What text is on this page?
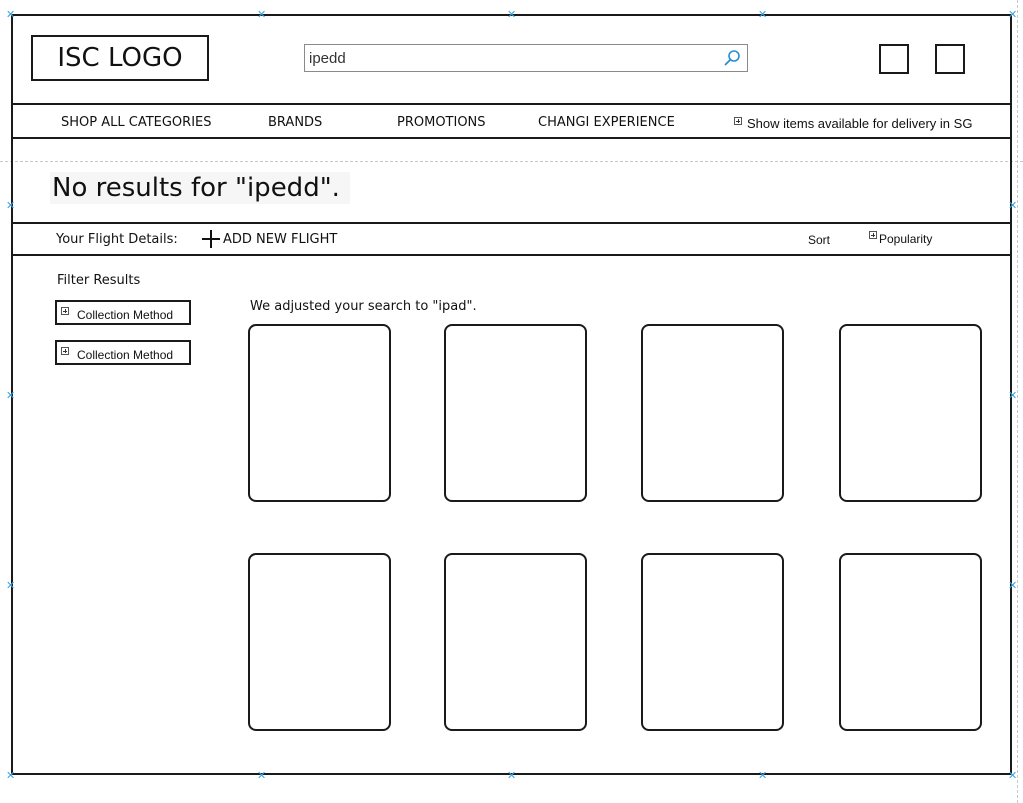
✕	✕	✕	✕	✕
✕	✕
✕	✕
✕	✕
✕	✕	✕	✕	✕
ISC LOGO	ipedd
SHOP ALL CATEGORIES	BRANDS	PROMOTIONS	CHANGI EXPERIENCE	Show items available for delivery in SG
No results for "ipedd".
Your Flight Details:	ADD NEW FLIGHT	Sort	Popularity
Filter Results
Collection Method
Collection Method
We adjusted your search to "ipad".
